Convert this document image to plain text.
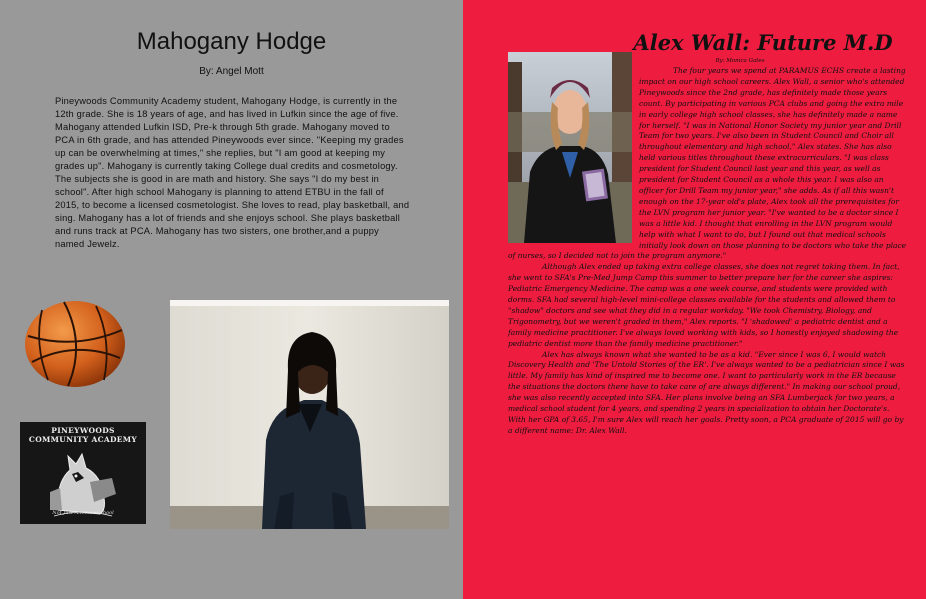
Mahogany Hodge
By: Angel Mott
Pineywoods Community Academy student, Mahogany Hodge, is currently in the 12th grade. She is 18 years of age, and has lived in Lufkin since the age of five. Mahogany attended Lufkin ISD, Pre-k through 5th grade. Mahogany moved to PCA in 6th grade, and has attended Pineywoods ever since. "Keeping my grades up can be overwhelming at times," she replies, but "I am good at keeping my grades up". Mahogany is currently taking College dual credits and cosmetology. The subjects she is good in are math and history. She says "I do my best in school". After high school Mahogany is planning to attend ETBU in the fall of 2015, to become a licensed cosmetologist. She loves to read, play basketball, and sing. Mahogany has a lot of friends and she enjoys school. She plays basketball and runs track at PCA. Mahogany has two sisters, one brother,and a puppy named Jewelz.
PINEYWOODS COMMUNITY ACADEMY
Not Just Another School
Alex Wall: Future M.D
By: Monica Gates

The four years we spend at PARAMUS ECHS create a lasting impact on our high school careers. Alex Wall, a senior who's attended Pineywoods since the 2nd grade, has definitely made those years count. By participating in various PCA clubs and going the extra mile in early college high school classes, she has definitely made a name for herself. "I was in National Honor Society my junior year and Drill Team for two years. I've also been in Student Council and Choir all throughout elementary and high school," Alex states. She has also held various titles throughout these extracurriculars. "I was class president for Student Council last year and this year, as well as president for Student Council as a whole this year. I was also an officer for Drill Team my junior year," she adds. As if all this wasn't enough on the 17-year old's plate, Alex took all the prerequisites for the LVN program her junior year. "I've wanted to be a doctor since I was a little kid. I thought that enrolling in the LVN program would help with what I want to do, but I found out that medical schools initially look down on those planning to be doctors who take the place of nurses, so I decided not to join the program anymore."

Although Alex ended up taking extra college classes, she does not regret taking them. In fact, she went to SFA's Pre-Med Jump Camp this summer to better prepare her for the career she aspires: Pediatric Emergency Medicine. The camp was a one week course, and students were provided with dorms. SFA had several high-level mini-college classes available for the students and allowed them to "shadow" doctors and see what they did in a regular workday. "We took Chemistry, Biology, and Trigonometry, but we weren't graded in them," Alex reports. "I 'shadowed' a pediatric dentist and a family medicine practitioner. I've always loved working with kids, so I honestly enjoyed shadowing the pediatric dentist more than the family medicine practitioner."

Alex has always known what she wanted to be as a kid. "Ever since I was 6, I would watch Discovery Health and 'The Untold Stories of the ER'. I've always wanted to be a pediatrician since I was little. My family has kind of inspired me to become one. I want to particularly work in the ER because the situations the doctors there have to take care of are always different." In making our school proud, she was also recently accepted into SFA. Her plans involve being an SFA Lumberjack for two years, a medical school student for 4 years, and spending 2 years in specialization to obtain her Doctorate's. With her GPA of 3.65, I'm sure Alex will reach her goals. Pretty soon, a PCA graduate of 2015 will go by a different name: Dr. Alex Wall.
